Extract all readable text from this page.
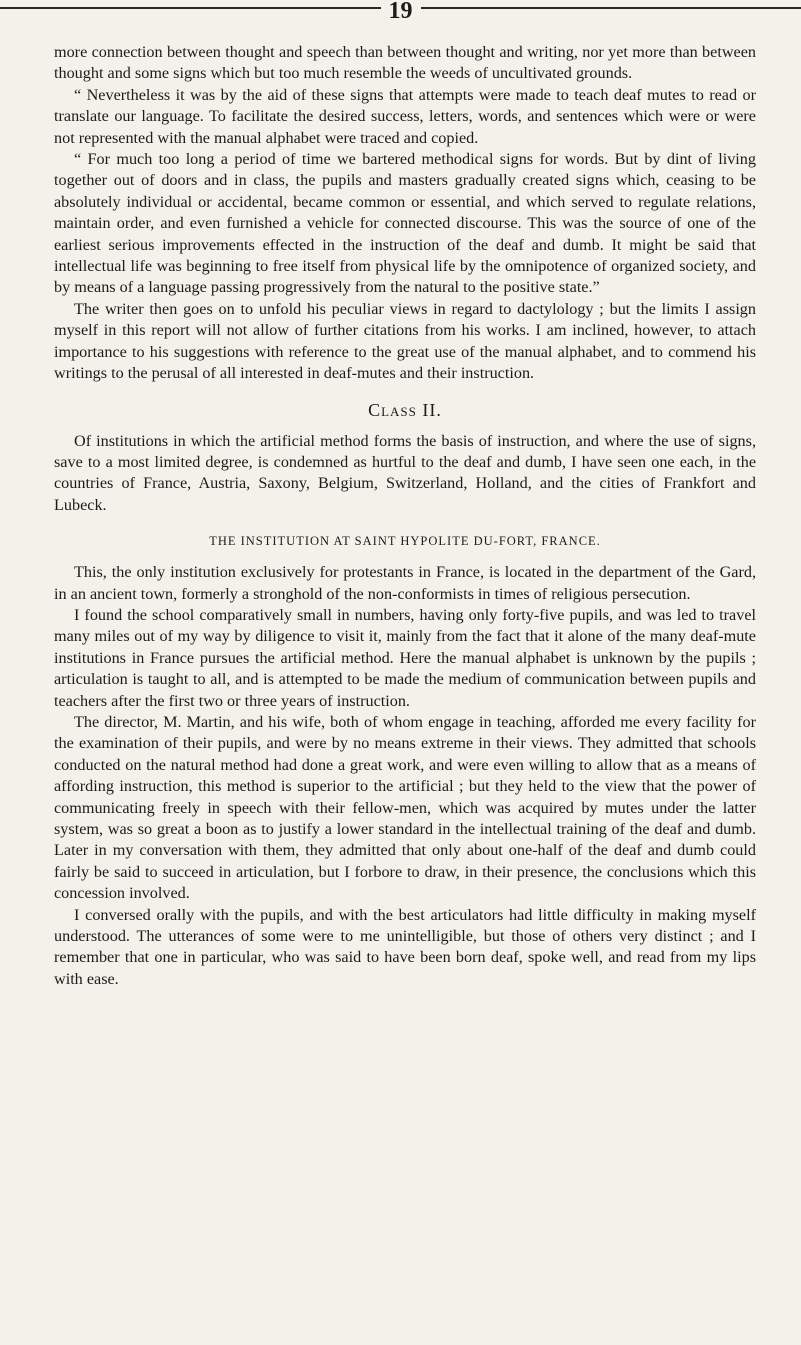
19

more connection between thought and speech than between thought and writing, nor yet more than between thought and some signs which but too much resemble the weeds of uncultivated grounds.

“ Nevertheless it was by the aid of these signs that attempts were made to teach deaf mutes to read or translate our language. To facilitate the desired success, letters, words, and sentences which were or were not represented with the manual alphabet were traced and copied.

“ For much too long a period of time we bartered methodical signs for words. But by dint of living together out of doors and in class, the pupils and masters gradually created signs which, ceasing to be absolutely individual or accidental, became common or essential, and which served to regulate relations, maintain order, and even furnished a vehicle for connected discourse. This was the source of one of the earliest serious improvements effected in the instruction of the deaf and dumb. It might be said that intellectual life was beginning to free itself from physical life by the omnipotence of organized society, and by means of a language passing progressively from the natural to the positive state.”

The writer then goes on to unfold his peculiar views in regard to dactylology ; but the limits I assign myself in this report will not allow of further citations from his works. I am inclined, however, to attach importance to his suggestions with reference to the great use of the manual alphabet, and to commend his writings to the perusal of all interested in deaf-mutes and their instruction.

Class II.

Of institutions in which the artificial method forms the basis of instruction, and where the use of signs, save to a most limited degree, is condemned as hurtful to the deaf and dumb, I have seen one each, in the countries of France, Austria, Saxony, Belgium, Switzerland, Holland, and the cities of Frankfort and Lubeck.

THE INSTITUTION AT SAINT HYPOLITE DU-FORT, FRANCE.

This, the only institution exclusively for protestants in France, is located in the department of the Gard, in an ancient town, formerly a stronghold of the non-conformists in times of religious persecution.

I found the school comparatively small in numbers, having only forty-five pupils, and was led to travel many miles out of my way by diligence to visit it, mainly from the fact that it alone of the many deaf-mute institutions in France pursues the artificial method. Here the manual alphabet is unknown by the pupils ; articulation is taught to all, and is attempted to be made the medium of communication between pupils and teachers after the first two or three years of instruction.

The director, M. Martin, and his wife, both of whom engage in teaching, afforded me every facility for the examination of their pupils, and were by no means extreme in their views. They admitted that schools conducted on the natural method had done a great work, and were even willing to allow that as a means of affording instruction, this method is superior to the artificial ; but they held to the view that the power of communicating freely in speech with their fellow-men, which was acquired by mutes under the latter system, was so great a boon as to justify a lower standard in the intellectual training of the deaf and dumb. Later in my conversation with them, they admitted that only about one-half of the deaf and dumb could fairly be said to succeed in articulation, but I forbore to draw, in their presence, the conclusions which this concession involved.

I conversed orally with the pupils, and with the best articulators had little difficulty in making myself understood. The utterances of some were to me unintelligible, but those of others very distinct ; and I remember that one in particular, who was said to have been born deaf, spoke well, and read from my lips with ease.
